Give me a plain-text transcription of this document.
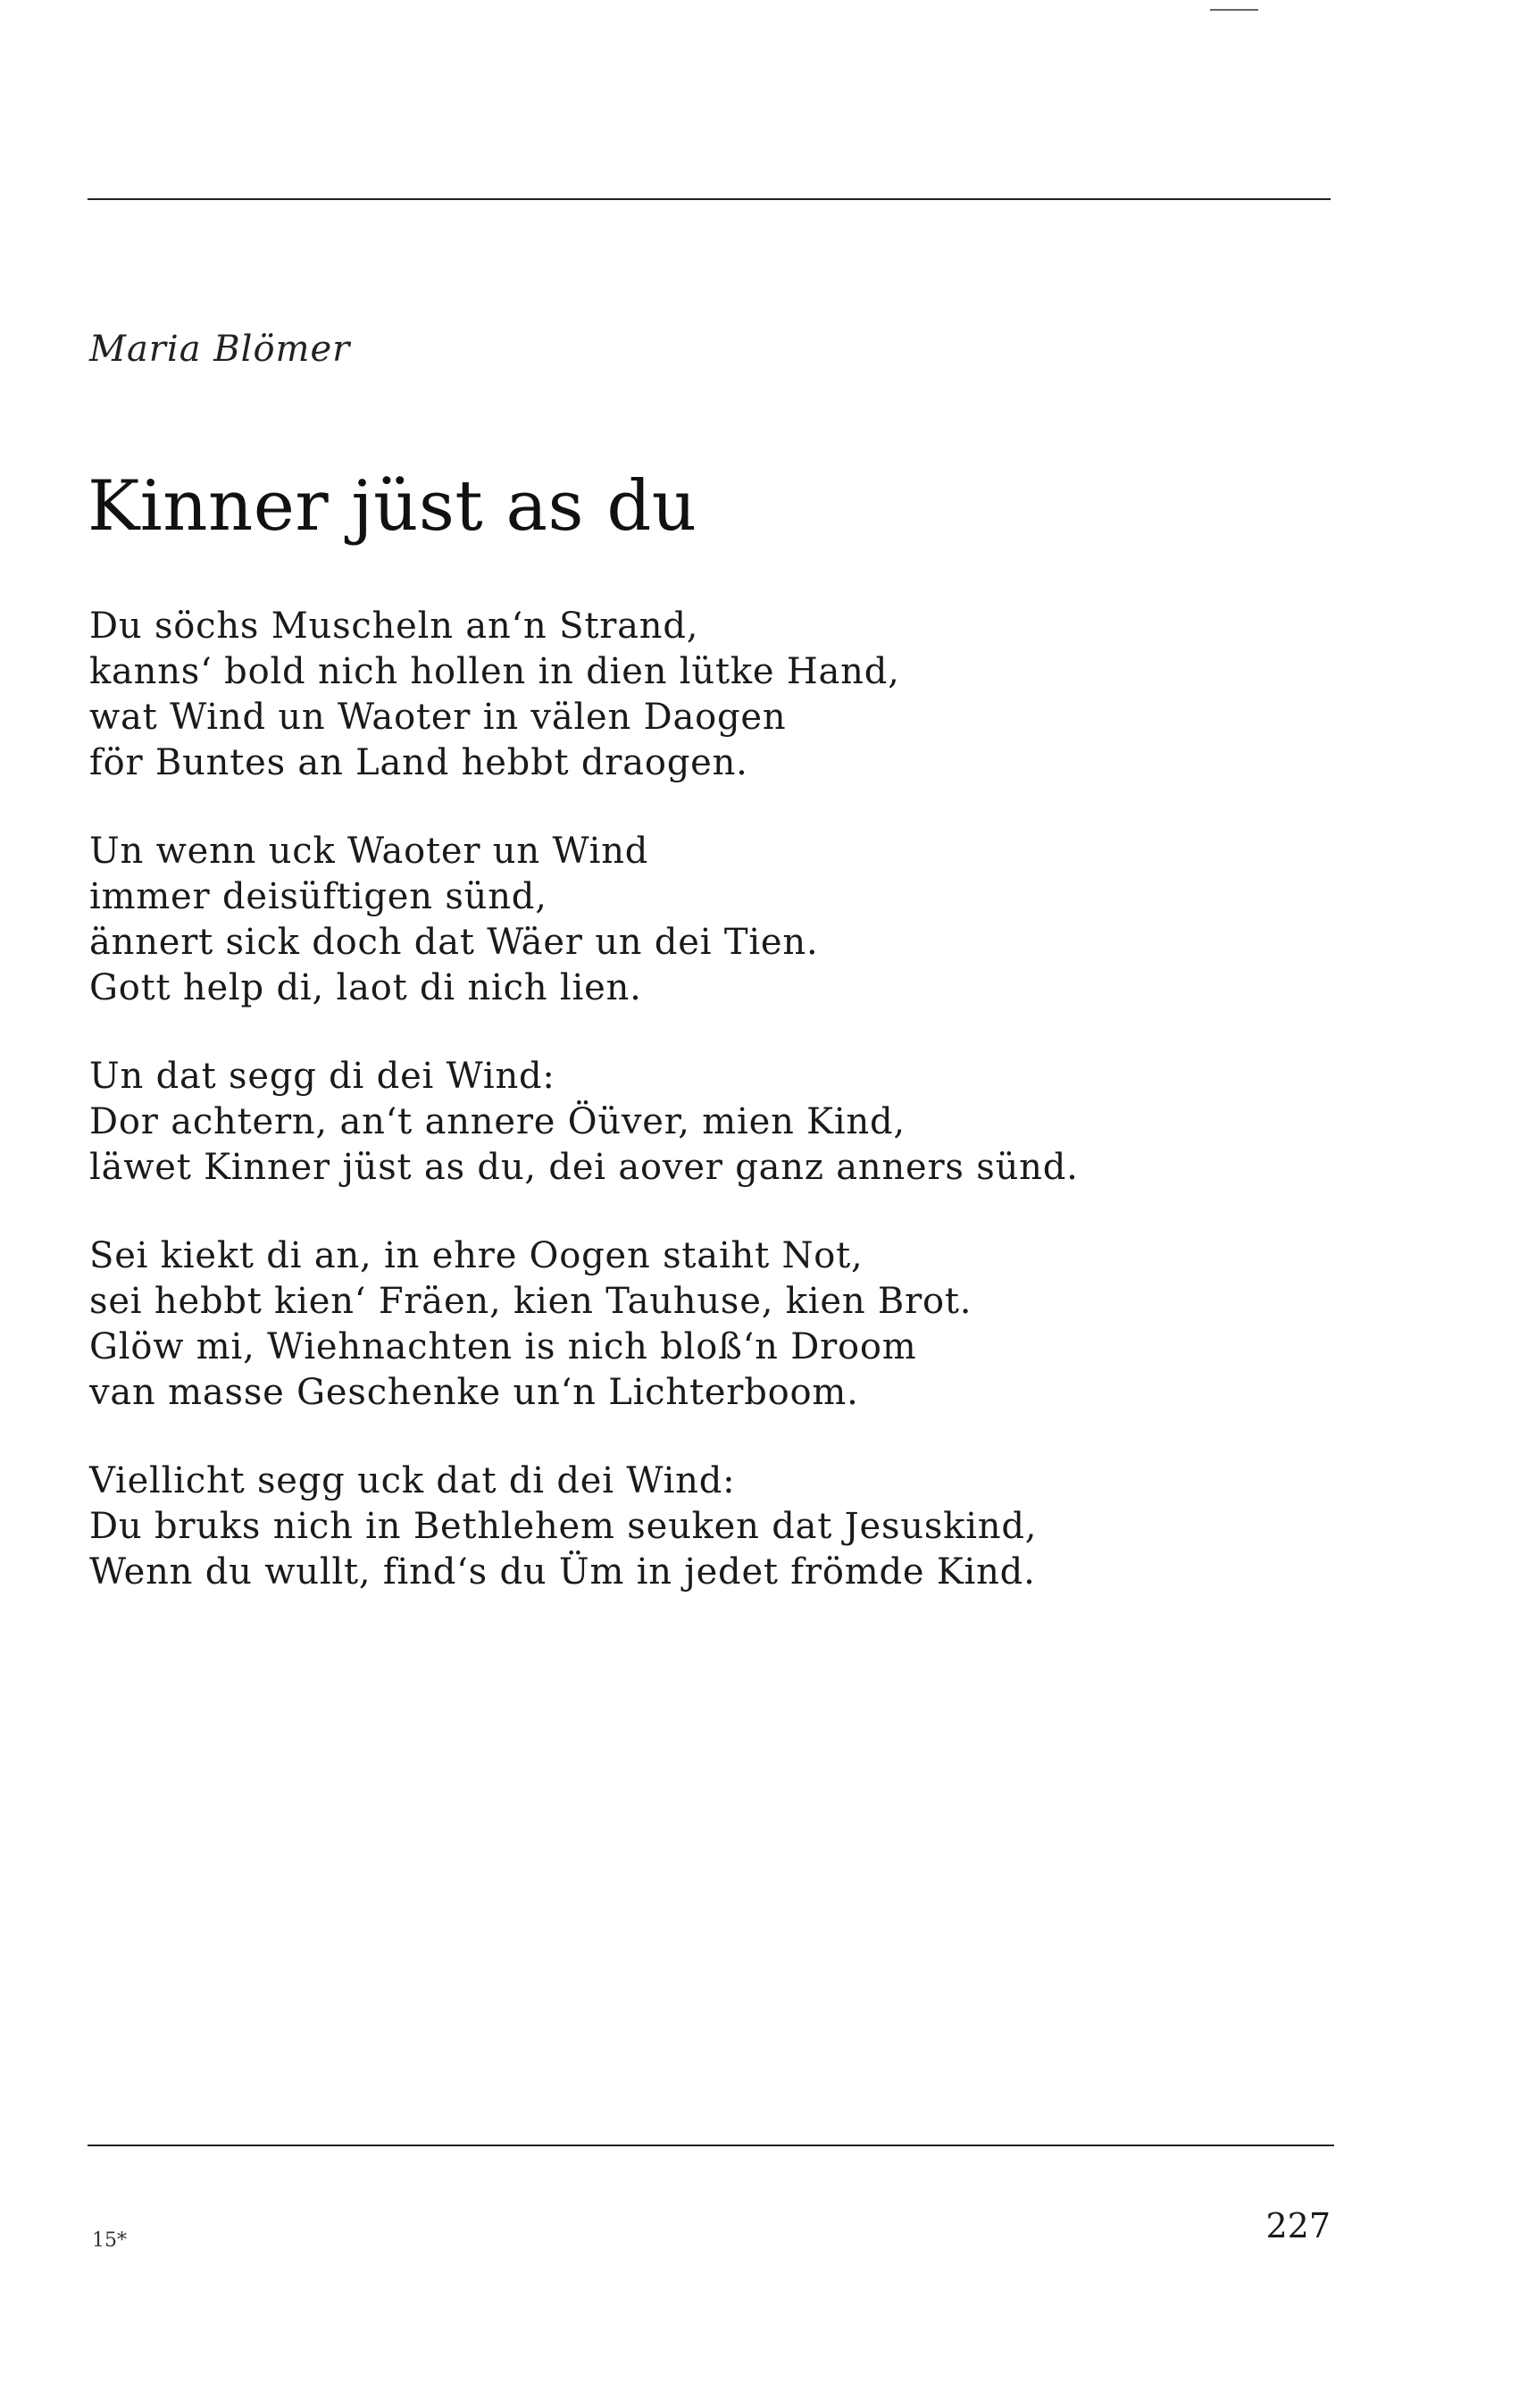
Maria Blömer
Kinner jüst as du
Du söchs Muscheln an‘n Strand,
kanns‘ bold nich hollen in dien lütke Hand,
wat Wind un Waoter in välen Daogen
för Buntes an Land hebbt draogen.
Un wenn uck Waoter un Wind
immer deisüftigen sünd,
ännert sick doch dat Wäer un dei Tien.
Gott help di, laot di nich lien.
Un dat segg di dei Wind:
Dor achtern, an‘t annere Öüver, mien Kind,
läwet Kinner jüst as du, dei aover ganz anners sünd.
Sei kiekt di an, in ehre Oogen staiht Not,
sei hebbt kien‘ Fräen, kien Tauhuse, kien Brot.
Glöw mi, Wiehnachten is nich bloß‘n Droom
van masse Geschenke un‘n Lichterboom.
Viellicht segg uck dat di dei Wind:
Du bruks nich in Bethlehem seuken dat Jesuskind,
Wenn du wullt, find‘s du Üm in jedet frömde Kind.
15*	227
